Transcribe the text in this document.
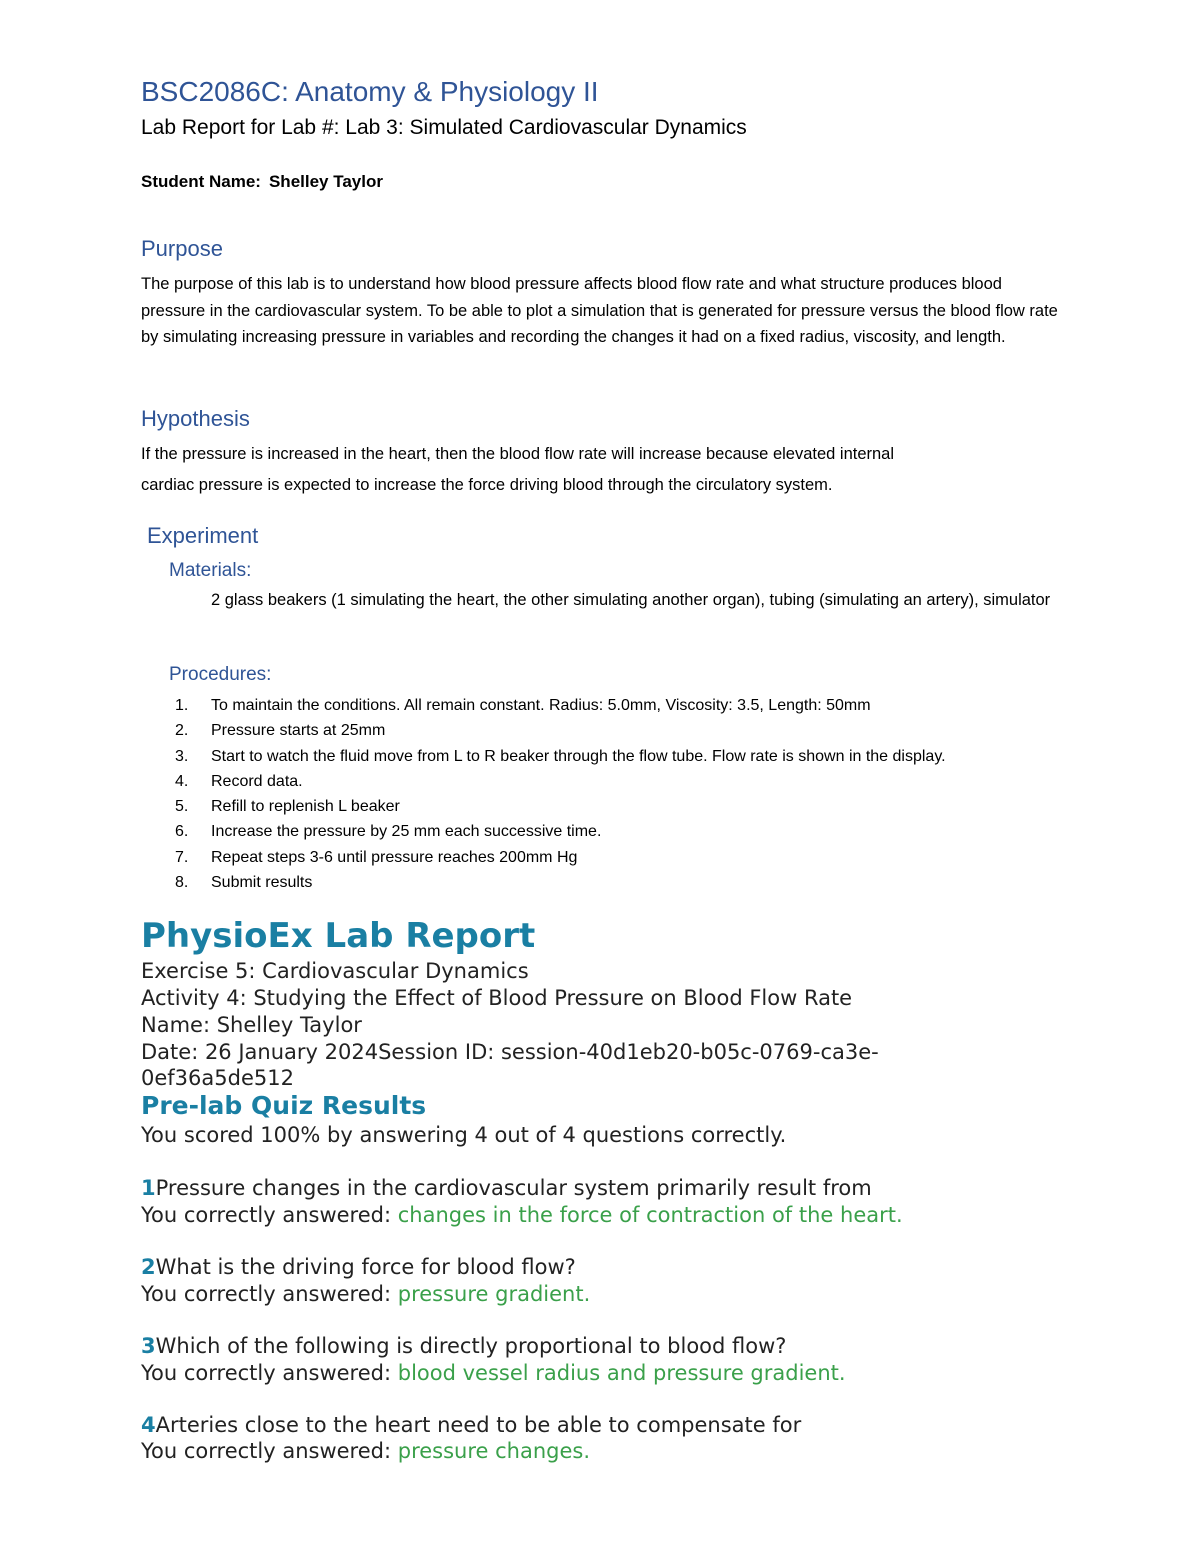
BSC2086C: Anatomy & Physiology II
Lab Report for Lab #: Lab 3: Simulated Cardiovascular Dynamics
Student Name: Shelley Taylor
Purpose
The purpose of this lab is to understand how blood pressure affects blood flow rate and what structure produces blood pressure in the cardiovascular system. To be able to plot a simulation that is generated for pressure versus the blood flow rate by simulating increasing pressure in variables and recording the changes it had on a fixed radius, viscosity, and length.
Hypothesis
If the pressure is increased in the heart, then the blood flow rate will increase because elevated internal
cardiac pressure is expected to increase the force driving blood through the circulatory system.
Experiment
Materials:
2 glass beakers (1 simulating the heart, the other simulating another organ), tubing (simulating an artery), simulator
Procedures:
1. To maintain the conditions. All remain constant. Radius: 5.0mm, Viscosity: 3.5, Length: 50mm
2. Pressure starts at 25mm
3. Start to watch the fluid move from L to R beaker through the flow tube. Flow rate is shown in the display.
4. Record data.
5. Refill to replenish L beaker
6. Increase the pressure by 25 mm each successive time.
7. Repeat steps 3-6 until pressure reaches 200mm Hg
8. Submit results
PhysioEx Lab Report
Exercise 5: Cardiovascular Dynamics
Activity 4: Studying the Effect of Blood Pressure on Blood Flow Rate
Name: Shelley Taylor
Date: 26 January 2024Session ID: session-40d1eb20-b05c-0769-ca3e-
0ef36a5de512
Pre-lab Quiz Results
You scored 100% by answering 4 out of 4 questions correctly.
1Pressure changes in the cardiovascular system primarily result from
You correctly answered: changes in the force of contraction of the heart.
2What is the driving force for blood flow?
You correctly answered: pressure gradient.
3Which of the following is directly proportional to blood flow?
You correctly answered: blood vessel radius and pressure gradient.
4Arteries close to the heart need to be able to compensate for
You correctly answered: pressure changes.
